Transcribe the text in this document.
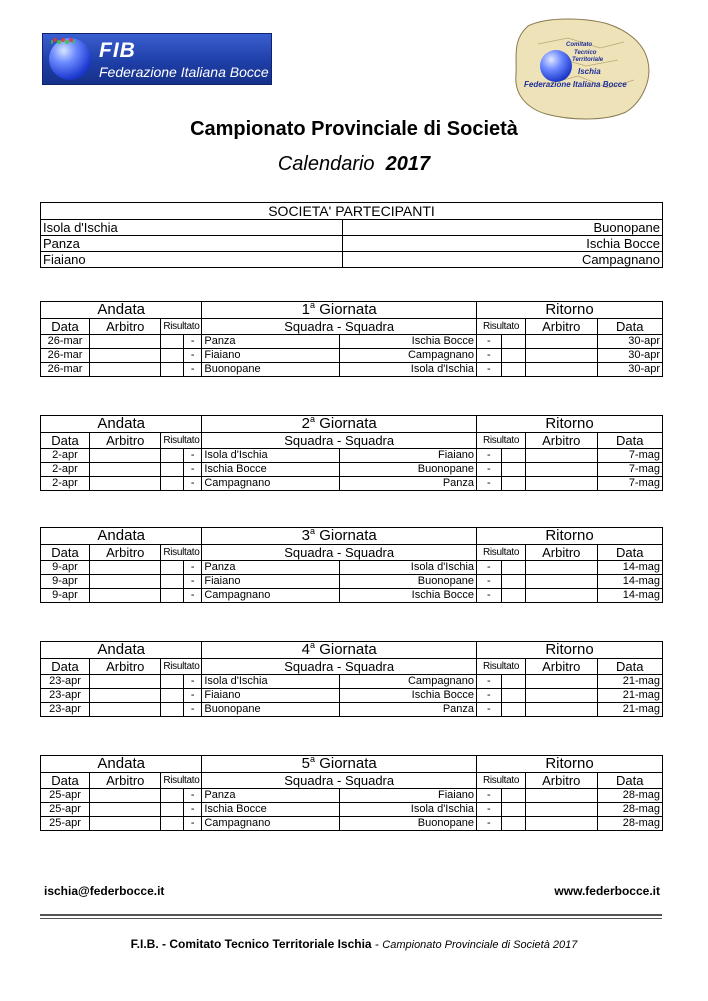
FIB
Federazione Italiana Bocce
Comitato
Tecnico
Territoriale
Ischia
Federazione Italiana Bocce
Campionato Provinciale di Società
Calendario 2017
SOCIETA' PARTECIPANTI	
Isola d'Ischia	Buonopane
Panza	Ischia Bocce
Fiaiano	Campagnano
ischia@federbocce.it	www.federbocce.it
F.I.B. - Comitato Tecnico Territoriale Ischia - Campionato Provinciale di Società 2017
Andata				1$^a$ Giornata		Ritorno			
Data	Arbitro	Risultato		Squadra - Squadra		Risultato		Arbitro	Data
26-mar			-	Panza	Ischia Bocce	-			30-apr
26-mar			-	Fiaiano	Campagnano	-			30-apr
26-mar			-	Buonopane	Isola d'Ischia	-			30-apr
Andata				2$^a$ Giornata		Ritorno			
Data	Arbitro	Risultato		Squadra - Squadra		Risultato		Arbitro	Data
2-apr			-	Isola d'Ischia	Fiaiano	-			7-mag
2-apr			-	Ischia Bocce	Buonopane	-			7-mag
2-apr			-	Campagnano	Panza	-			7-mag
Andata				3$^a$ Giornata		Ritorno			
Data	Arbitro	Risultato		Squadra - Squadra		Risultato		Arbitro	Data
9-apr			-	Panza	Isola d'Ischia	-			14-mag
9-apr			-	Fiaiano	Buonopane	-			14-mag
9-apr			-	Campagnano	Ischia Bocce	-			14-mag
Andata				4$^a$ Giornata		Ritorno			
Data	Arbitro	Risultato		Squadra - Squadra		Risultato		Arbitro	Data
23-apr			-	Isola d'Ischia	Campagnano	-			21-mag
23-apr			-	Fiaiano	Ischia Bocce	-			21-mag
23-apr			-	Buonopane	Panza	-			21-mag
Andata				5$^a$ Giornata		Ritorno			
Data	Arbitro	Risultato		Squadra - Squadra		Risultato		Arbitro	Data
25-apr			-	Panza	Fiaiano	-			28-mag
25-apr			-	Ischia Bocce	Isola d'Ischia	-			28-mag
25-apr			-	Campagnano	Buonopane	-			28-mag
